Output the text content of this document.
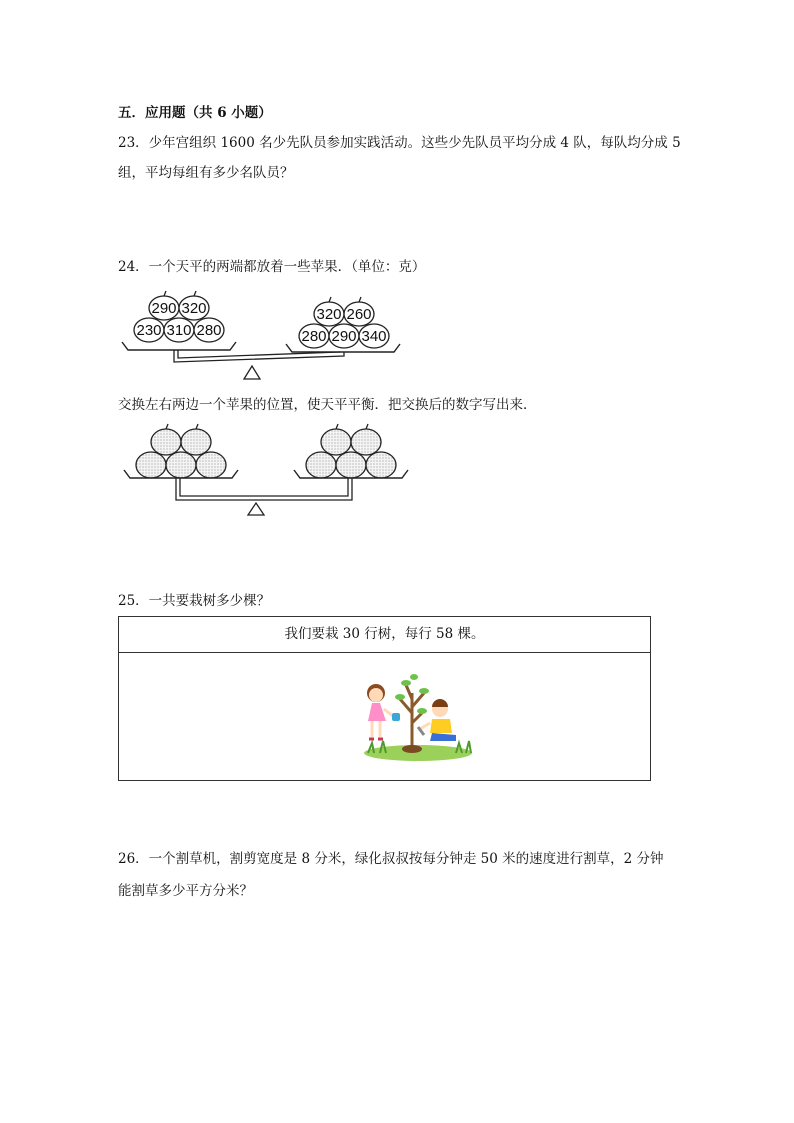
五．应用题（共 6 小题）
23．少年宫组织 1600 名少先队员参加实践活动。这些少先队员平均分成 4 队，每队均分成 5
组，平均每组有多少名队员？
24．一个天平的两端都放着一些苹果．（单位：克）
290 320
230 310 280
320 260
280 290 340
交换左右两边一个苹果的位置，使天平平衡．把交换后的数字写出来．
25．一共要栽树多少棵？
我们要栽 30 行树，每行 58 棵。
26．一个割草机，割剪宽度是 8 分米，绿化叔叔按每分钟走 50 米的速度进行割草，2 分钟
能割草多少平方分米？
